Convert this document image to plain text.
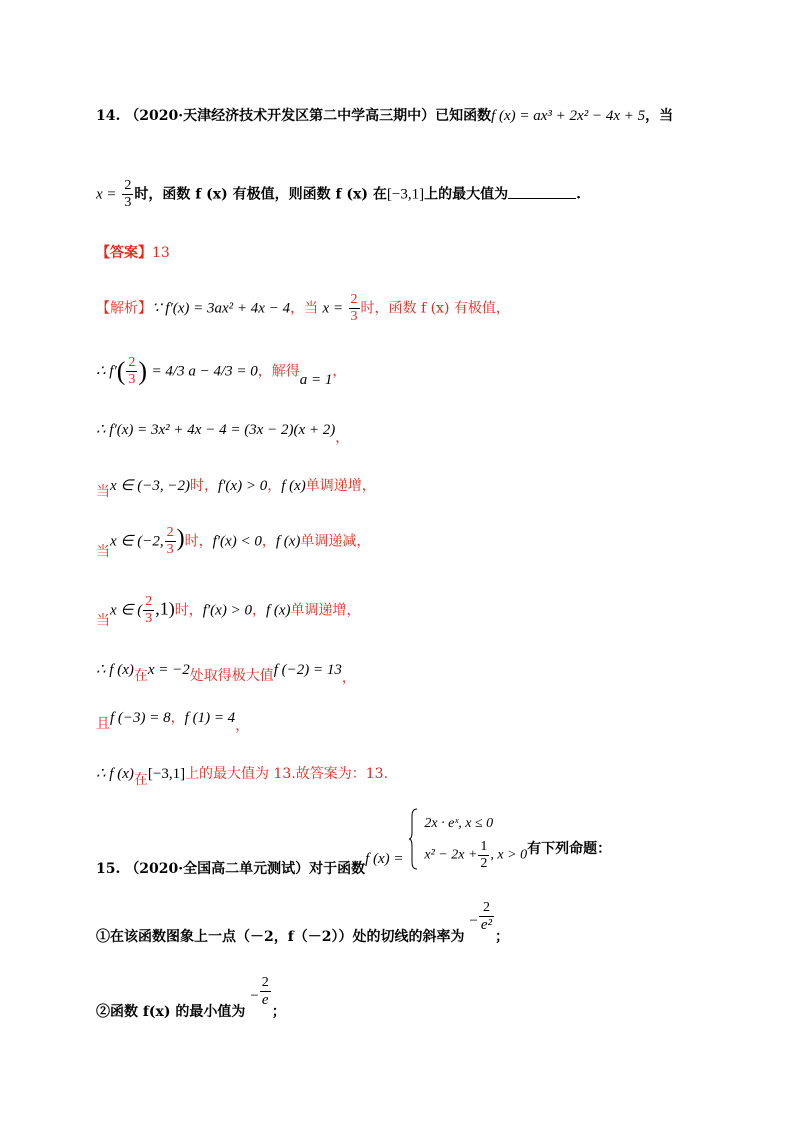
14. （2020·天津经济技术开发区第二中学高三期中）已知函数f (x) = ax³ + 2x² − 4x + 5，当
$x = \frac{2}{3}$ 时，函数 f (x) 有极值，则函数 f (x) 在[−3,1]上的最大值为	.
【答案】13
【解析】∵ f′(x) = 3ax² + 4x − 4，当 $x = \frac{2}{3}$ 时，函数 f (x) 有极值，
∴ $f'( \frac{2}{3}$ ) = 4/3 a − 4/3 = 0，解得a = 1，
∴ f′(x) = 3x² + 4x − 4 = (3x − 2)(x + 2)，
当x ∈ (−3, −2)时，f′(x) > 0，f (x)单调递增，
当x ∈ (−2, $\frac{2}{3}$ )时，f′(x) < 0，f (x)单调递减，
当x ∈ ( $\frac{2}{3} ,1$)时，f′(x) > 0，f (x)单调递增，
∴ f (x)在x = −2处取得极大值f (−2) = 13，
且f (−3) = 8，f (1) = 4，
∴ f (x)在[−3,1]上的最大值为 13.故答案为：13.
15. （2020·全国高二单元测试）对于函数f (x) =
2x · eˣ, x ≤ 0
$x^2 - 2x + \frac{1}{2}$ , x > 0 有下列命题：
①在该函数图象上一点（－2，f（－2））处的切线的斜率为 − $\frac{2}{\text{e²}}$
；
②函数 f(x) 的最小值为 − $\frac{2}{e}$
；
